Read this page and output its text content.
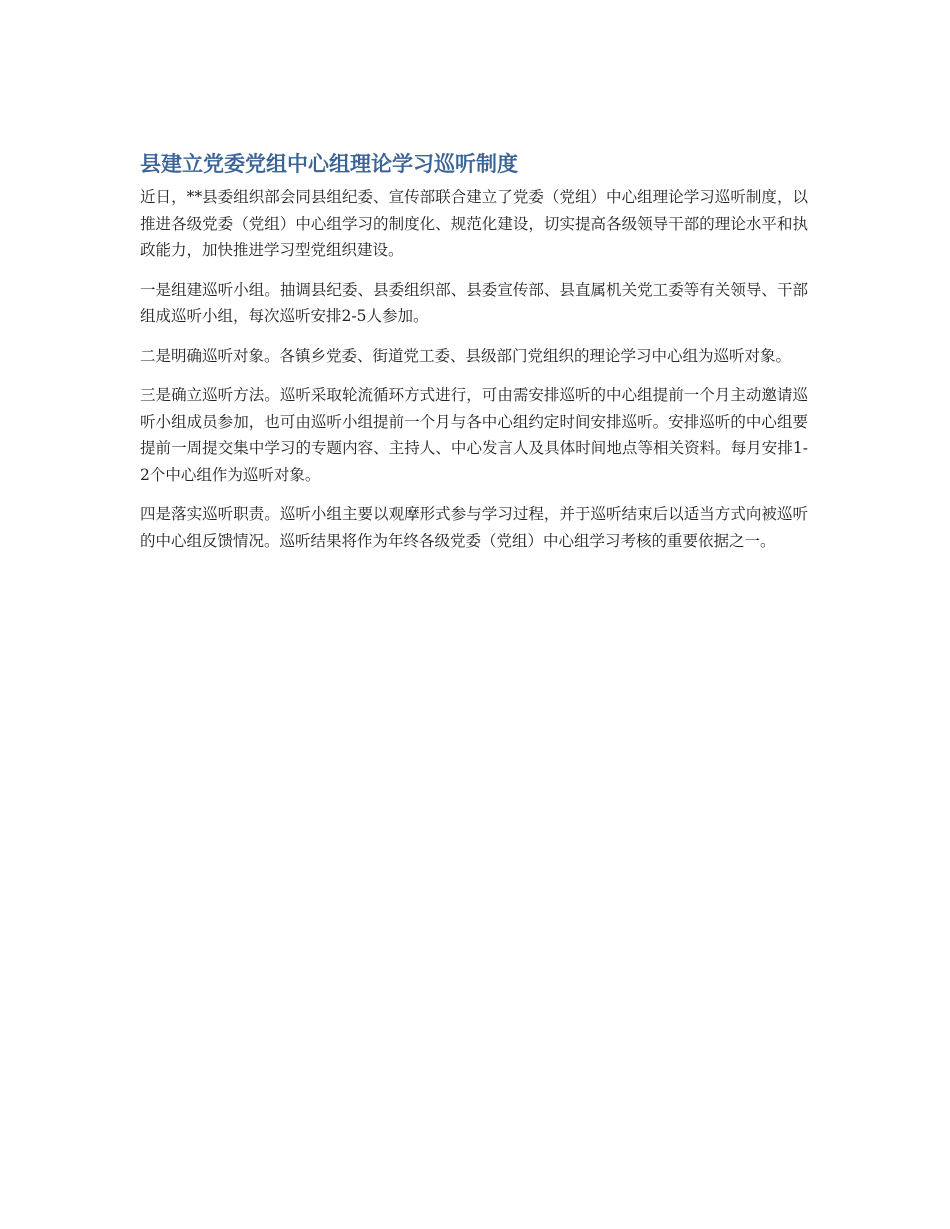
县建立党委党组中心组理论学习巡听制度

近日，**县委组织部会同县组纪委、宣传部联合建立了党委（党组）中心组理论学习巡听制度，以推进各级党委（党组）中心组学习的制度化、规范化建设，切实提高各级领导干部的理论水平和执政能力，加快推进学习型党组织建设。

一是组建巡听小组。抽调县纪委、县委组织部、县委宣传部、县直属机关党工委等有关领导、干部组成巡听小组，每次巡听安排2-5人参加。

二是明确巡听对象。各镇乡党委、街道党工委、县级部门党组织的理论学习中心组为巡听对象。

三是确立巡听方法。巡听采取轮流循环方式进行，可由需安排巡听的中心组提前一个月主动邀请巡听小组成员参加，也可由巡听小组提前一个月与各中心组约定时间安排巡听。安排巡听的中心组要提前一周提交集中学习的专题内容、主持人、中心发言人及具体时间地点等相关资料。每月安排1-2个中心组作为巡听对象。

四是落实巡听职责。巡听小组主要以观摩形式参与学习过程，并于巡听结束后以适当方式向被巡听的中心组反馈情况。巡听结果将作为年终各级党委（党组）中心组学习考核的重要依据之一。
